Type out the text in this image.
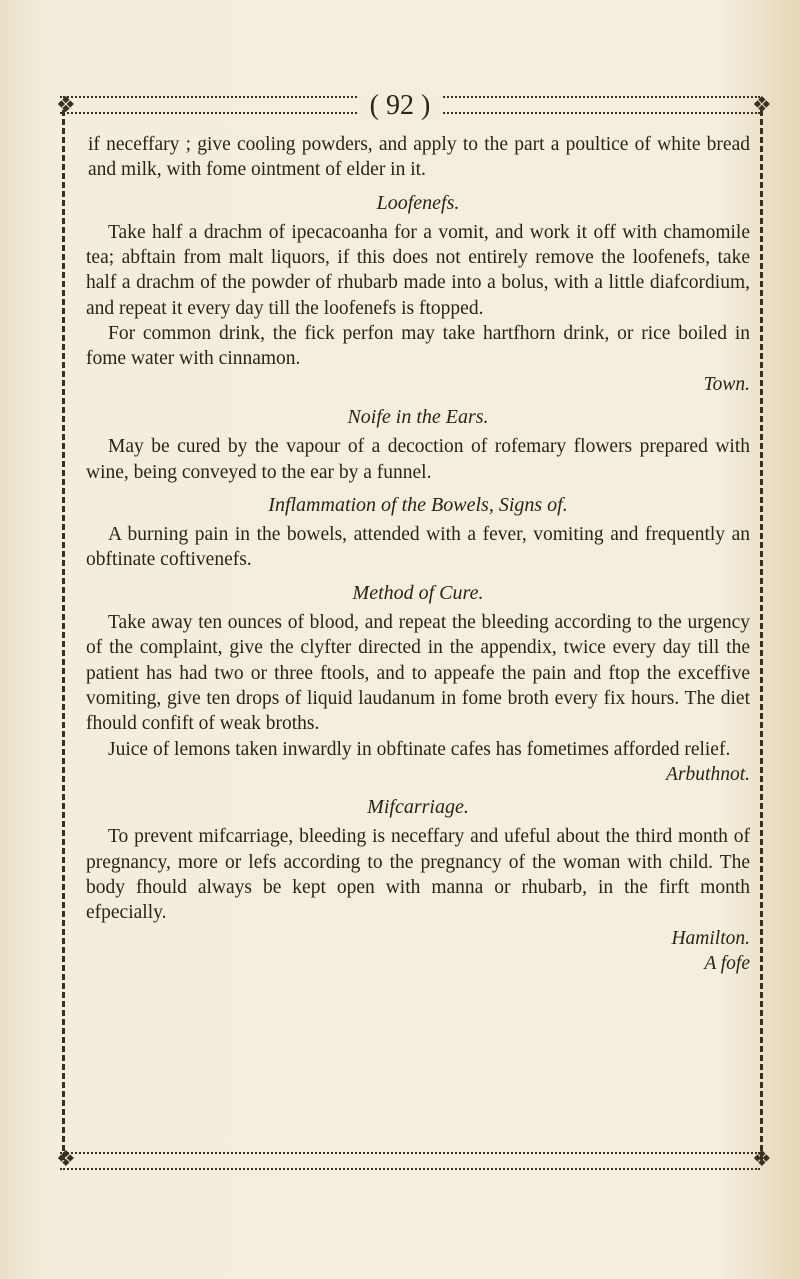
❖	❖
❖	❖
( 92 )

if neceffary ; give cooling powders, and apply to the part a poultice of white bread and milk, with fome ointment of elder in it.

Loofenefs.

Take half a drachm of ipecacoanha for a vomit, and work it off with chamomile tea; abftain from malt liquors, if this does not entirely remove the loofenefs, take half a drachm of the powder of rhubarb made into a bolus, with a little diafcordium, and repeat it every day till the loofenefs is ftopped.

For common drink, the fick perfon may take hartfhorn drink, or rice boiled in fome water with cinnamon.

Town.
Noife in the Ears.

May be cured by the vapour of a decoction of rofemary flowers prepared with wine, being conveyed to the ear by a funnel.

Inflammation of the Bowels, Signs of.

A burning pain in the bowels, attended with a fever, vomiting and frequently an obftinate coftivenefs.

Method of Cure.

Take away ten ounces of blood, and repeat the bleeding according to the urgency of the complaint, give the clyfter directed in the appendix, twice every day till the patient has had two or three ftools, and to appeafe the pain and ftop the exceffive vomiting, give ten drops of liquid laudanum in fome broth every fix hours. The diet fhould confift of weak broths.

Juice of lemons taken inwardly in obftinate cafes has fometimes afforded relief.

Arbuthnot.
Mifcarriage.

To prevent mifcarriage, bleeding is neceffary and ufeful about the third month of pregnancy, more or lefs according to the pregnancy of the woman with child. The body fhould always be kept open with manna or rhubarb, in the firft month efpecially.

Hamilton.
A fofe
